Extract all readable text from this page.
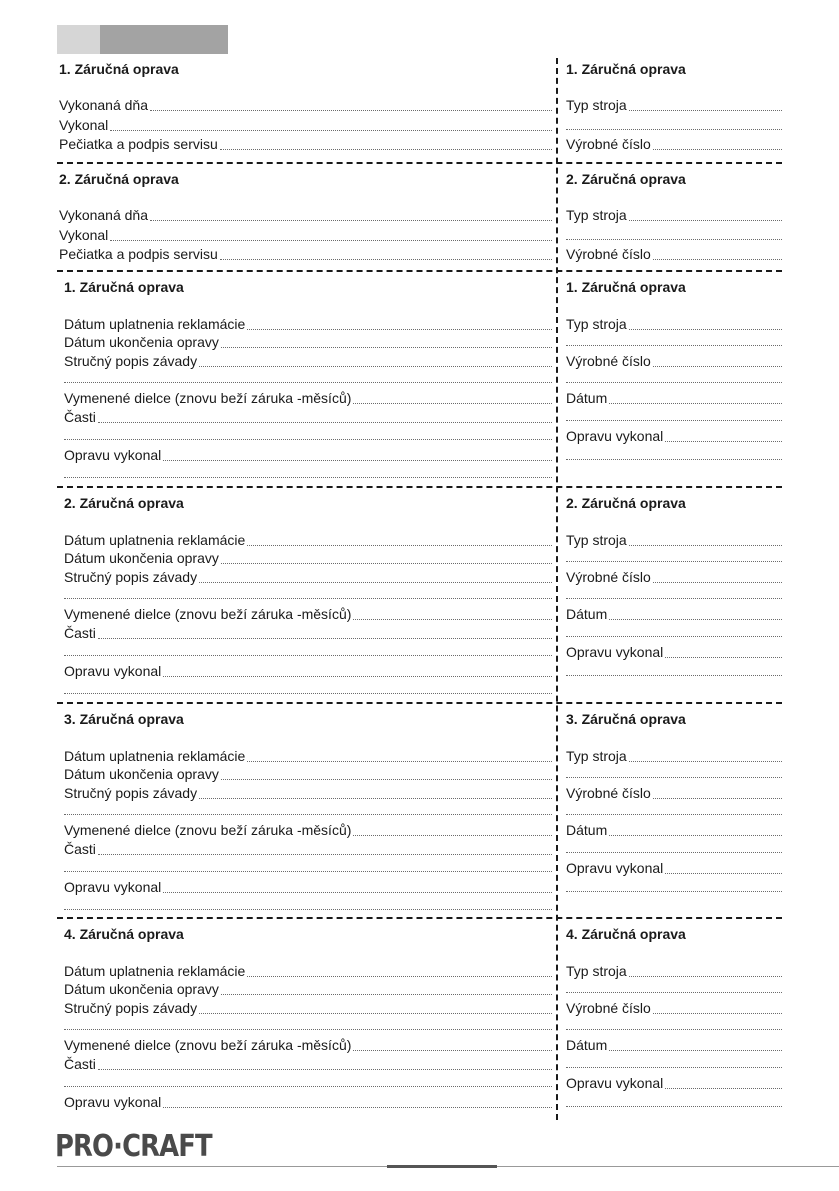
1. Záručná oprava
Vykonaná dňa
Vykonal
Pečiatka a podpis servisu
1. Záručná oprava
Typ stroja
Výrobné číslo
2. Záručná oprava
Vykonaná dňa
Vykonal
Pečiatka a podpis servisu
2. Záručná oprava
Typ stroja
Výrobné číslo
1. Záručná oprava
Dátum uplatnenia reklamácie
Dátum ukončenia opravy
Stručný popis závady
Vymenené dielce (znovu beží záruka -měsíců)
Časti
Opravu vykonal
1. Záručná oprava
Typ stroja
Výrobné číslo
Dátum
Opravu vykonal
2. Záručná oprava
Dátum uplatnenia reklamácie
Dátum ukončenia opravy
Stručný popis závady
Vymenené dielce (znovu beží záruka -měsíců)
Časti
Opravu vykonal
2. Záručná oprava
Typ stroja
Výrobné číslo
Dátum
Opravu vykonal
3. Záručná oprava
Dátum uplatnenia reklamácie
Dátum ukončenia opravy
Stručný popis závady
Vymenené dielce (znovu beží záruka -měsíců)
Časti
Opravu vykonal
3. Záručná oprava
Typ stroja
Výrobné číslo
Dátum
Opravu vykonal
4. Záručná oprava
Dátum uplatnenia reklamácie
Dátum ukončenia opravy
Stručný popis závady
Vymenené dielce (znovu beží záruka -měsíců)
Časti
Opravu vykonal
4. Záručná oprava
Typ stroja
Výrobné číslo
Dátum
Opravu vykonal
PRO·CRAFT
